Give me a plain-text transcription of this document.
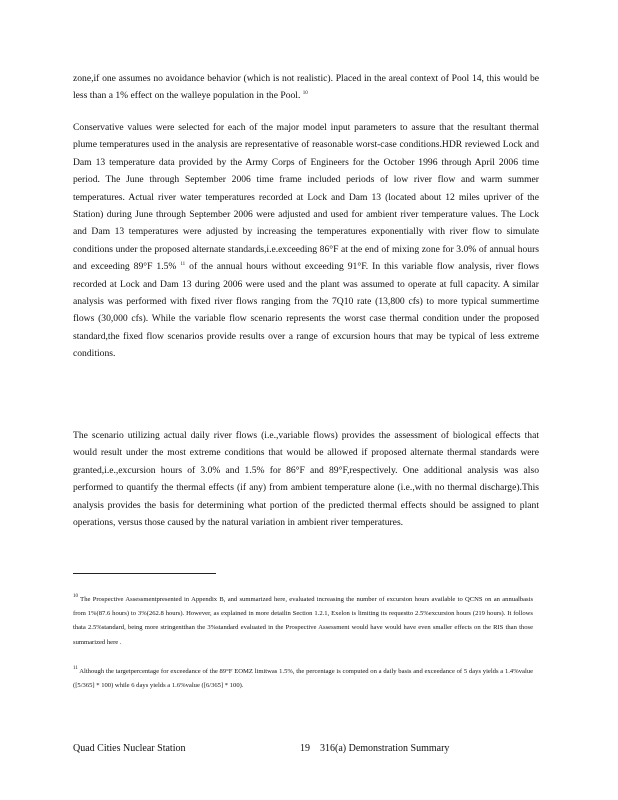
zone,if one assumes no avoidance behavior (which is not realistic). Placed in the areal context of Pool 14, this would be less than a 1% effect on the walleye population in the Pool. $^{10}$

Conservative values were selected for each of the major model input parameters to assure that the resultant thermal plume temperatures used in the analysis are representative of reasonable worst-case conditions.HDR reviewed Lock and Dam 13 temperature data provided by the Army Corps of Engineers for the October 1996 through April 2006 time period. The June through September 2006 time frame included periods of low river flow and warm summer temperatures. Actual river water temperatures recorded at Lock and Dam 13 (located about 12 miles upriver of the Station) during June through September 2006 were adjusted and used for ambient river temperature values. The Lock and Dam 13 temperatures were adjusted by increasing the temperatures exponentially with river flow to simulate conditions under the proposed alternate standards,i.e.exceeding 86°F at the end of mixing zone for 3.0% of annual hours and exceeding 89°F 1.5% $^{11}$ of the annual hours without exceeding 91°F. In this variable flow analysis, river flows recorded at Lock and Dam 13 during 2006 were used and the plant was assumed to operate at full capacity. A similar analysis was performed with fixed river flows ranging from the 7Q10 rate (13,800 cfs) to more typical summertime flows (30,000 cfs). While the variable flow scenario represents the worst case thermal condition under the proposed standard,the fixed flow scenarios provide results over a range of excursion hours that may be typical of less extreme conditions.

The scenario utilizing actual daily river flows (i.e.,variable flows) provides the assessment of biological effects that would result under the most extreme conditions that would be allowed if proposed alternate thermal standards were granted,i.e.,excursion hours of 3.0% and 1.5% for 86°F and 89°F,respectively. One additional analysis was also performed to quantify the thermal effects (if any) from ambient temperature alone (i.e.,with no thermal discharge).This analysis provides the basis for determining what portion of the predicted thermal effects should be assigned to plant operations, versus those caused by the natural variation in ambient river temperatures.

$^{10}$ The Prospective Assessmentpresented in Appendix B, and summarized here, evaluated increasing the number of excursion hours available to QCNS on an annualbasis from 1%(87.6 hours) to 3%(262.8 hours). However, as explained in more detailin Section 1.2.1, Exelon is limiting its requestto 2.5%excursion hours (219 hours). It follows thata 2.5%standard, being more stringentthan the 3%standard evaluated in the Prospective Assessment would have would have even smaller effects on the RIS than those summarized here .

$^{11}$ Although the targetpercentage for exceedance of the 89°F EOMZ limitwas 1.5%, the percentage is computed on a daily basis and exceedance of 5 days yields a 1.4%value ([5/365] * 100) while 6 days yields a 1.6%value ([6/365] * 100).

Quad Cities Nuclear Station	19 316(a) Demonstration Summary
